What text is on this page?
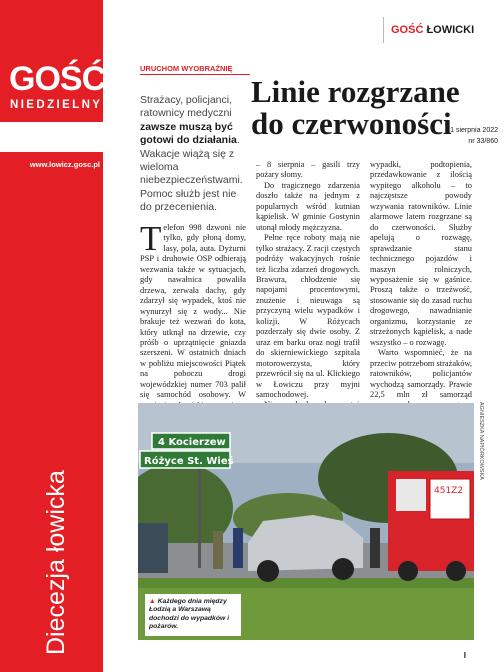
GOŚĆ
NIEDZIELNY
21 sierpnia 2022
nr 33/860
www.lowicz.gosc.pl
Diecezja łowicka
GOŚĆ ŁOWICKI
URUCHOM WYOBRAŹNIĘ
Strażacy, policjanci, ratownicy medyczni zawsze muszą być gotowi do działania. Wakacje wiążą się z wieloma niebezpieczeństwami. Pomoc służb jest nie do przecenienia.
Linie rozgrzane do czerwoności

Telefon 998 dzwoni nie tylko, gdy płoną domy, lasy, pola, auta. Dyżurni PSP i druhowie OSP odbierają wezwania także w sytuacjach, gdy nawałnica powaliła drzewa, zerwała dachy, gdy zdarzył się wypadek, ktoś nie wynurzył się z wody... Nie brakuje też wezwań do kota, który utknął na drzewie, czy próśb o uprzątnięcie gniazda szerszeni. W ostatnich dniach w pobliżu miejscowości Piątek na poboczu drogi wojewódzkiej numer 703 palił się samochód osobowy. W

– 8 sierpnia – gasili trzy pożary słomy.

Do tragicznego zdarzenia doszło także na jednym z popularnych wśród kutnian kąpielisk. W gminie Gostynin utonął młody mężczyzna.

Pełne ręce roboty mają nie tylko strażacy. Z racji częstych podróży wakacyjnych rośnie też liczba zdarzeń drogowych. Brawura, chłodzenie się napojami procentowymi, znużenie i nieuwaga są przyczyną wielu wypadków i kolizji. W Różycach pozderzały się dwie osoby. Z uraz em barku oraz nogi trafił do skierniewickiego szpitala motorowerzysta, który przewrócił się na ul. Klickiego w Łowiczu przy myjni samochodowej.

wypadki, podtopienia, przedawkowanie z ilością wypitego alkoholu – to najczęstsze powody wzywania ratowników. Linie alarmowe latem rozgrzane są do czerwoności. Służby apelują o rozwagę, sprawdzanie stanu technicznego pojazdów i maszyn rolniczych, wyposażenie się w gaśnice. Proszą także o trzeźwość, stosowanie się do zasad ruchu drogowego, nawadnianie organizmu, korzystanie ze strzeżonych kąpielisk, a nade wszystko – o rozwagę.

Warto wspomnieć, że na przeciw potrzebom strażaków, ratowników, policjantów wychodzą samorządy. Prawie 22,5 mln zł samorząd

4 Kocierzew
Różyce St. Wieś
451Z2
AGNIESZKA NAPIÓRKOWSKA
▲ Każdego dnia między Łodzią a Warszawą dochodzi do wypadków i pożarów.
I
